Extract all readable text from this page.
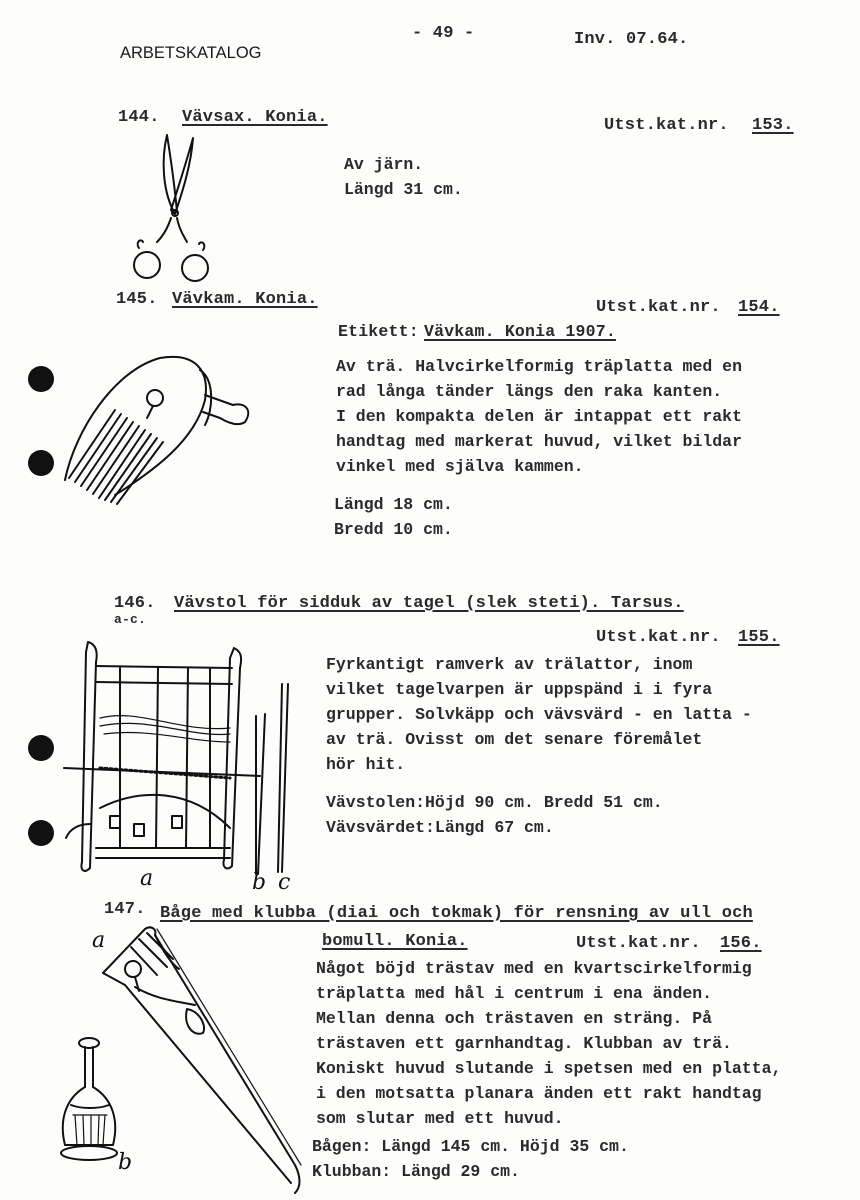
ARBETSKATALOG
- 49 -	Inv. 07.64.
144. Vävsax. Konia.	Utst.kat.nr. 153.
Av järn.
Längd 31 cm.
145. Vävkam. Konia.	Utst.kat.nr. 154.
Etikett: Vävkam. Konia 1907.
Av trä. Halvcirkelformig träplatta med en
rad långa tänder längs den raka kanten.
I den kompakta delen är intappat ett rakt
handtag med markerat huvud, vilket bildar
vinkel med själva kammen.
Längd 18 cm.
Bredd 10 cm.
146.
a-c.
Vävstol för sidduk av tagel (slek steti). Tarsus.
Utst.kat.nr. 155.
Fyrkantigt ramverk av trälattor, inom
vilket tagelvarpen är uppspänd i i fyra
grupper. Solvkäpp och vävsvärd - en latta -
av trä. Ovisst om det senare föremålet
hör hit.
Vävstolen:Höjd 90 cm. Bredd 51 cm.
Vävsvärdet:Längd 67 cm.
a	b c
147. Båge med klubba (diai och tokmak) för rensning av ull och
bomull. Konia.	Utst.kat.nr. 156.
Något böjd trästav med en kvartscirkelformig
träplatta med hål i centrum i ena änden.
Mellan denna och trästaven en sträng. På
trästaven ett garnhandtag. Klubban av trä.
Koniskt huvud slutande i spetsen med en platta,
i den motsatta planara änden ett rakt handtag
som slutar med ett huvud.
Bågen: Längd 145 cm. Höjd 35 cm.
Klubban: Längd 29 cm.
a
b
